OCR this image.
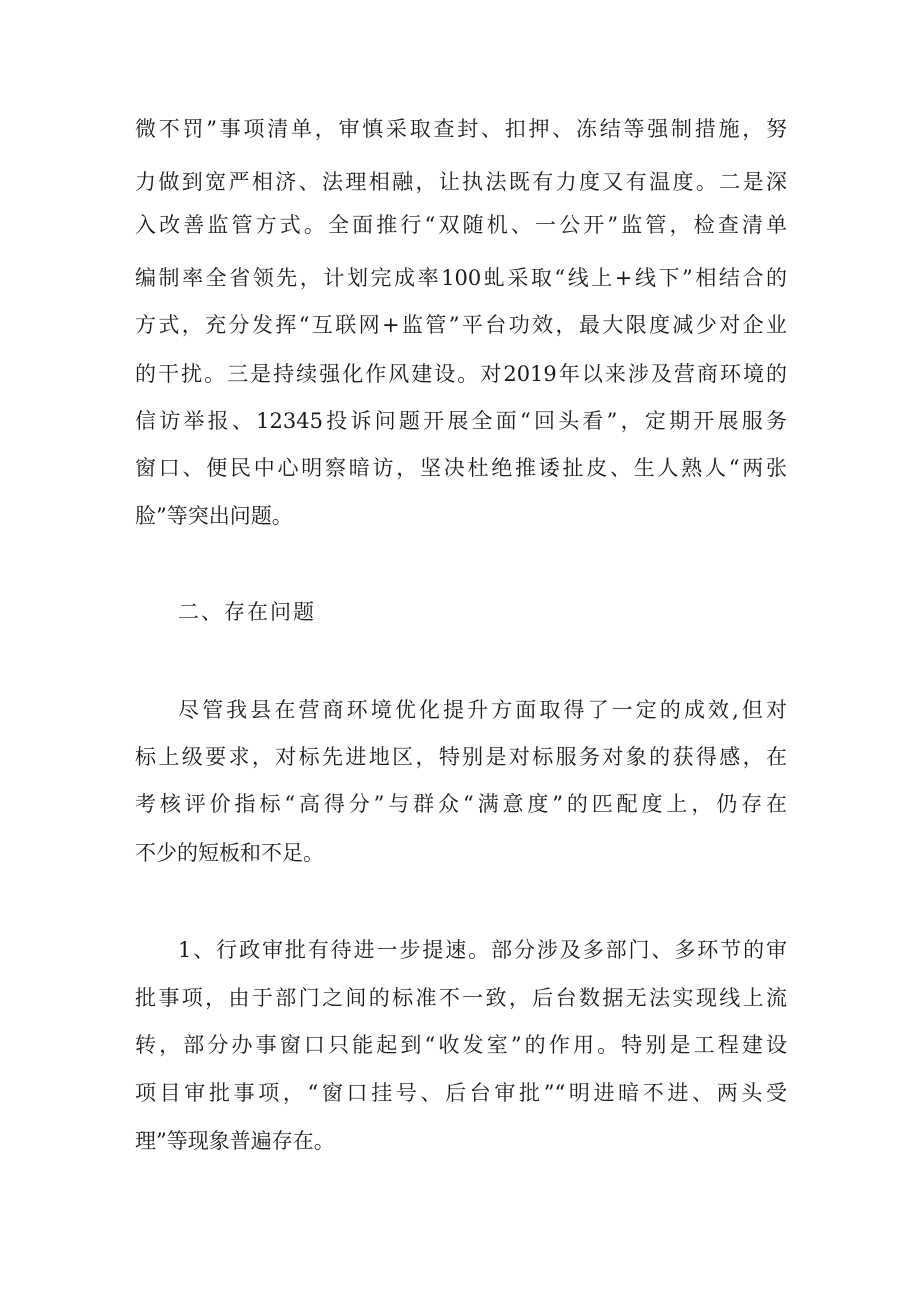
微不罚”事项清单，审慎采取查封、扣押、冻结等强制措施，努
力做到宽严相济、法理相融，让执法既有力度又有温度。二是深
入改善监管方式。全面推行“双随机、一公开”监管，检查清单
编制率全省领先，计划完成率100虬采取“线上+线下”相结合的
方式，充分发挥“互联网+监管”平台功效，最大限度减少对企业
的干扰。三是持续强化作风建设。对2019年以来涉及营商环境的
信访举报、12345投诉问题开展全面“回头看”，定期开展服务
窗口、便民中心明察暗访，坚决杜绝推诿扯皮、生人熟人“两张
脸”等突出问题。
二、存在问题
尽管我县在营商环境优化提升方面取得了一定的成效,但对
标上级要求，对标先进地区，特别是对标服务对象的获得感，在
考核评价指标“高得分”与群众“满意度”的匹配度上，仍存在
不少的短板和不足。
1、行政审批有待进一步提速。部分涉及多部门、多环节的审
批事项，由于部门之间的标准不一致，后台数据无法实现线上流
转，部分办事窗口只能起到“收发室”的作用。特别是工程建设
项目审批事项，“窗口挂号、后台审批”“明进暗不进、两头受
理”等现象普遍存在。
